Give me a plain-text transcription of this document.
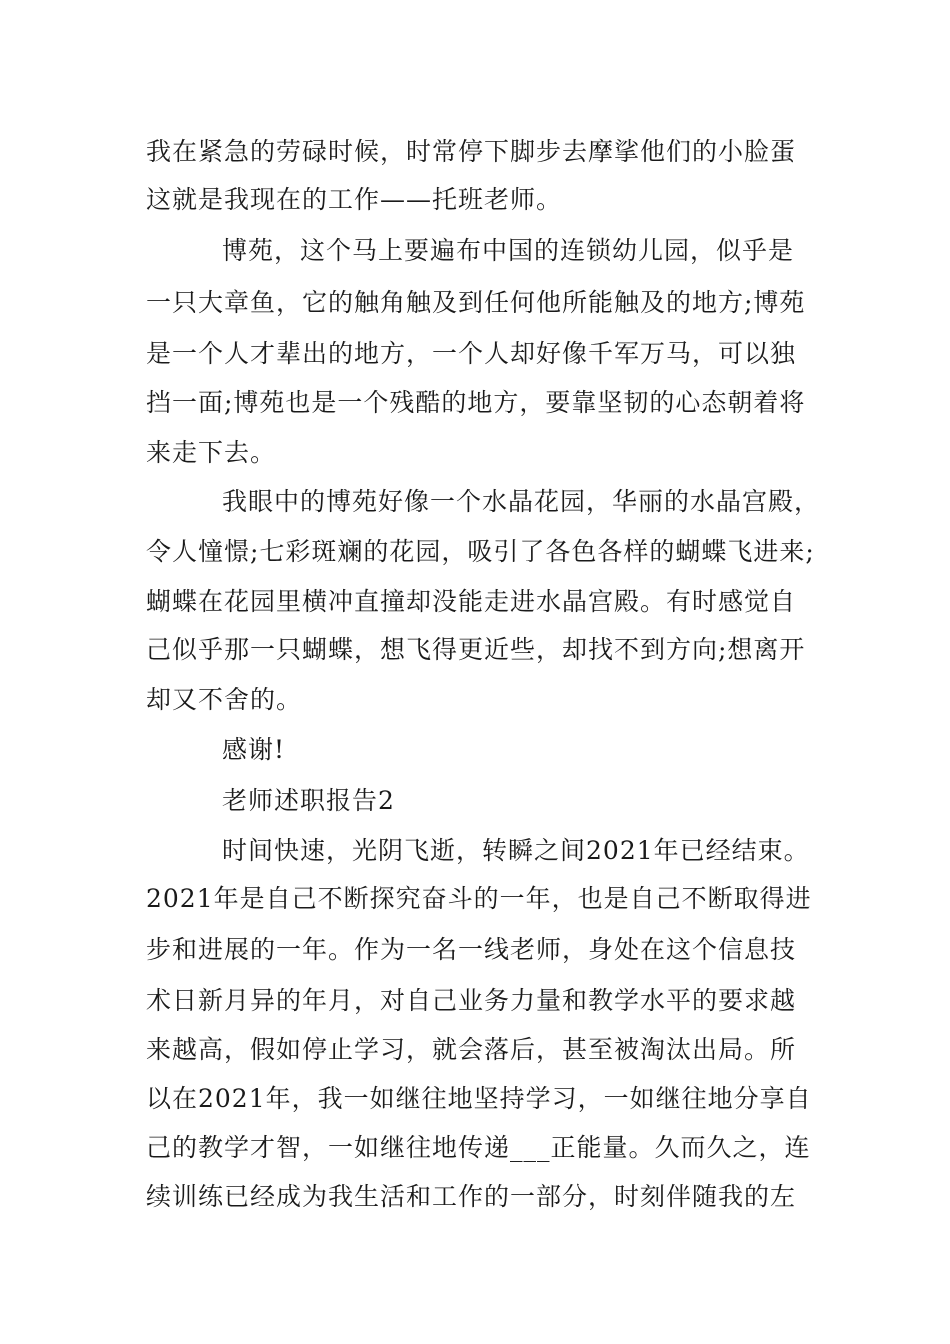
我在紧急的劳碌时候，时常停下脚步去摩挲他们的小脸蛋
这就是我现在的工作——托班老师。
博苑，这个马上要遍布中国的连锁幼儿园，似乎是
一只大章鱼，它的触角触及到任何他所能触及的地方;博苑
是一个人才辈出的地方，一个人却好像千军万马，可以独
挡一面;博苑也是一个残酷的地方，要靠坚韧的心态朝着将
来走下去。
我眼中的博苑好像一个水晶花园，华丽的水晶宫殿，
令人憧憬;七彩斑斓的花园，吸引了各色各样的蝴蝶飞进来;
蝴蝶在花园里横冲直撞却没能走进水晶宫殿。有时感觉自
己似乎那一只蝴蝶，想飞得更近些，却找不到方向;想离开
却又不舍的。
感谢!
老师述职报告2
时间快速，光阴飞逝，转瞬之间2021年已经结束。
2021年是自己不断探究奋斗的一年，也是自己不断取得进
步和进展的一年。作为一名一线老师，身处在这个信息技
术日新月异的年月，对自己业务力量和教学水平的要求越
来越高，假如停止学习，就会落后，甚至被淘汰出局。所
以在2021年，我一如继往地坚持学习，一如继往地分享自
己的教学才智，一如继往地传递___正能量。久而久之，连
续训练已经成为我生活和工作的一部分，时刻伴随我的左
